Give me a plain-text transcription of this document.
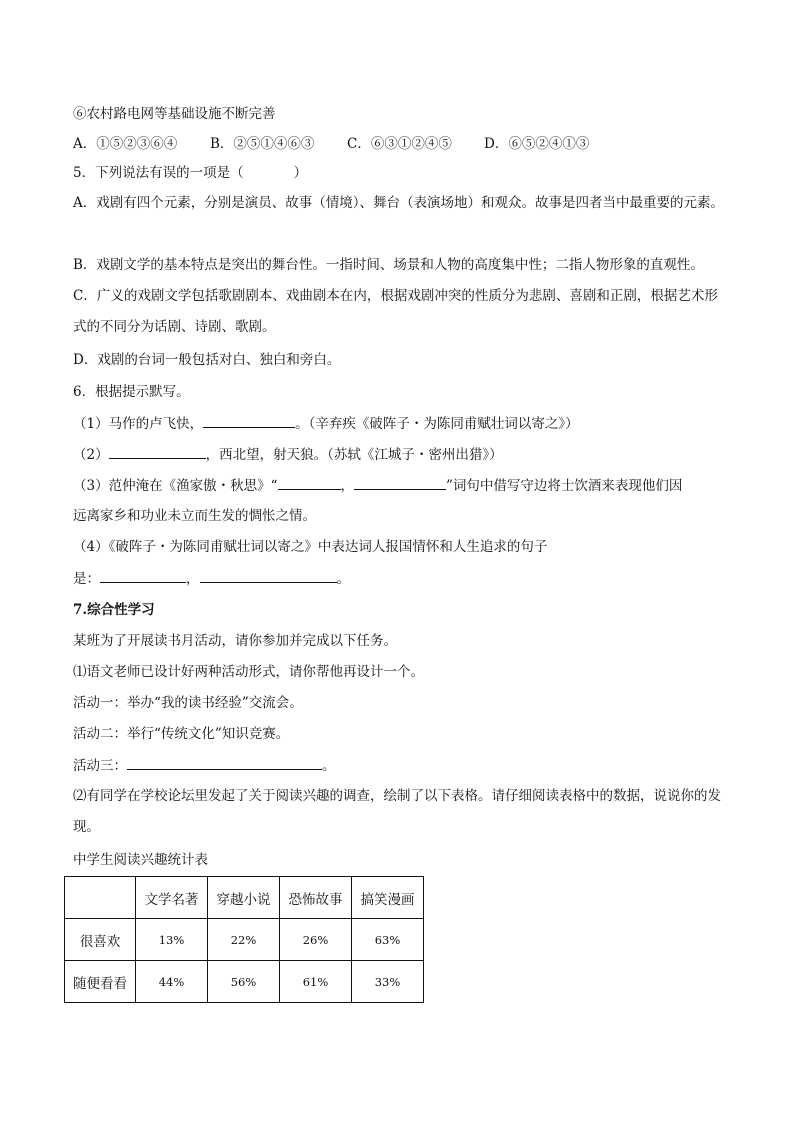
⑥农村路电网等基础设施不断完善
A．①⑤②③⑥④ B．②⑤①④⑥③ C．⑥③①②④⑤ D．⑥⑤②④①③
5．下列说法有误的一项是（	）
A．戏剧有四个元素，分别是演员、故事（情境）、舞台（表演场地）和观众。故事是四者当中最重要的元素。
B．戏剧文学的基本特点是突出的舞台性。一指时间、场景和人物的高度集中性；二指人物形象的直观性。
C．广义的戏剧文学包括歌剧剧本、戏曲剧本在内，根据戏剧冲突的性质分为悲剧、喜剧和正剧，根据艺术形式的不同分为话剧、诗剧、歌剧。
D．戏剧的台词一般包括对白、独白和旁白。
6．根据提示默写。
（1）马作的卢飞快，	。（辛弃疾《破阵子・为陈同甫赋壮词以寄之》）
（2）	，西北望，射天狼。（苏轼《江城子・密州出猎》）
（3）范仲淹在《渔家傲・秋思》“	，	”词句中借写守边将士饮酒来表现他们因
远离家乡和功业未立而生发的惆怅之情。
（4）《破阵子・为陈同甫赋壮词以寄之》中表达词人报国情怀和人生追求的句子
是：	，	。
7.综合性学习
某班为了开展读书月活动，请你参加并完成以下任务。
⑴语文老师已设计好两种活动形式，请你帮他再设计一个。
活动一：举办“我的读书经验”交流会。
活动二：举行“传统文化”知识竞赛。
活动三：	。
⑵有同学在学校论坛里发起了关于阅读兴趣的调查，绘制了以下表格。请仔细阅读表格中的数据，说说你的发现。
中学生阅读兴趣统计表
	文学名著	穿越小说	恐怖故事	搞笑漫画
很喜欢	13%	22%	26%	63%
随便看看	44%	56%	61%	33%
